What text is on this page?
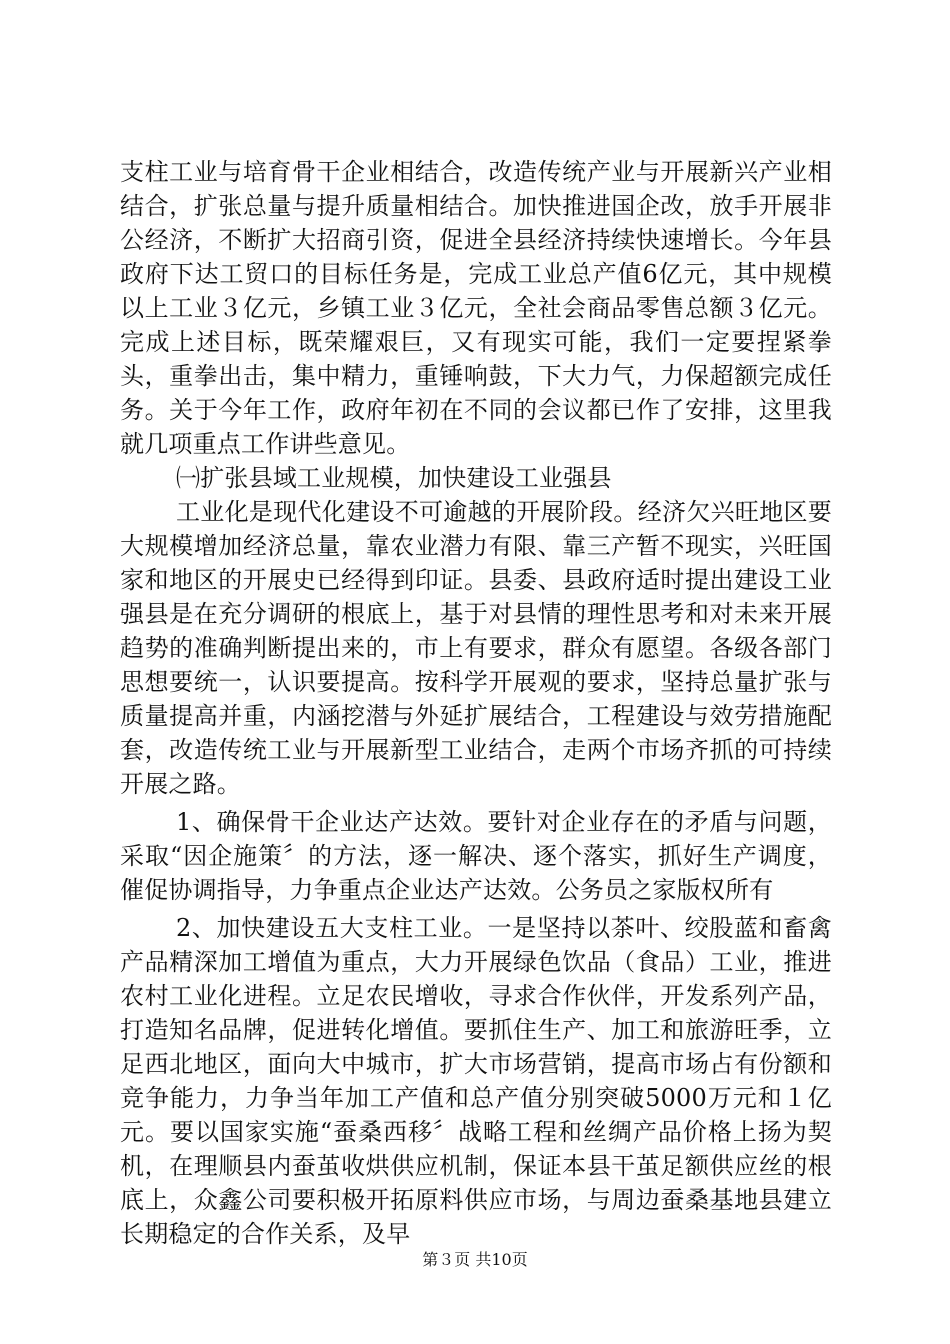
支柱工业与培育骨干企业相结合，改造传统产业与开展新兴产业相结合，扩张总量与提升质量相结合。加快推进国企改，放手开展非公经济，不断扩大招商引资，促进全县经济持续快速增长。今年县政府下达工贸口的目标任务是，完成工业总产值6亿元，其中规模以上工业３亿元，乡镇工业３亿元，全社会商品零售总额３亿元。完成上述目标，既荣耀艰巨，又有现实可能，我们一定要捏紧拳头，重拳出击，集中精力，重锤响鼓，下大力气，力保超额完成任务。关于今年工作，政府年初在不同的会议都已作了安排，这里我就几项重点工作讲些意见。

㈠扩张县域工业规模，加快建设工业强县

工业化是现代化建设不可逾越的开展阶段。经济欠兴旺地区要大规模增加经济总量，靠农业潜力有限、靠三产暂不现实，兴旺国家和地区的开展史已经得到印证。县委、县政府适时提出建设工业强县是在充分调研的根底上，基于对县情的理性思考和对未来开展趋势的准确判断提出来的，市上有要求，群众有愿望。各级各部门思想要统一，认识要提高。按科学开展观的要求，坚持总量扩张与质量提高并重，内涵挖潜与外延扩展结合，工程建设与效劳措施配套，改造传统工业与开展新型工业结合，走两个市场齐抓的可持续开展之路。

1、确保骨干企业达产达效。要针对企业存在的矛盾与问题，采取“因企施策〞的方法，逐一解决、逐个落实，抓好生产调度，催促协调指导，力争重点企业达产达效。公务员之家版权所有

2、加快建设五大支柱工业。一是坚持以茶叶、绞股蓝和畜禽产品精深加工增值为重点，大力开展绿色饮品（食品）工业，推进农村工业化进程。立足农民增收，寻求合作伙伴，开发系列产品，打造知名品牌，促进转化增值。要抓住生产、加工和旅游旺季，立足西北地区，面向大中城市，扩大市场营销，提高市场占有份额和竞争能力，力争当年加工产值和总产值分别突破5000万元和１亿元。要以国家实施“蚕桑西移〞战略工程和丝绸产品价格上扬为契机，在理顺县内蚕茧收烘供应机制，保证本县干茧足额供应丝的根底上，众鑫公司要积极开拓原料供应市场，与周边蚕桑基地县建立长期稳定的合作关系，及早

第３页 共10页
